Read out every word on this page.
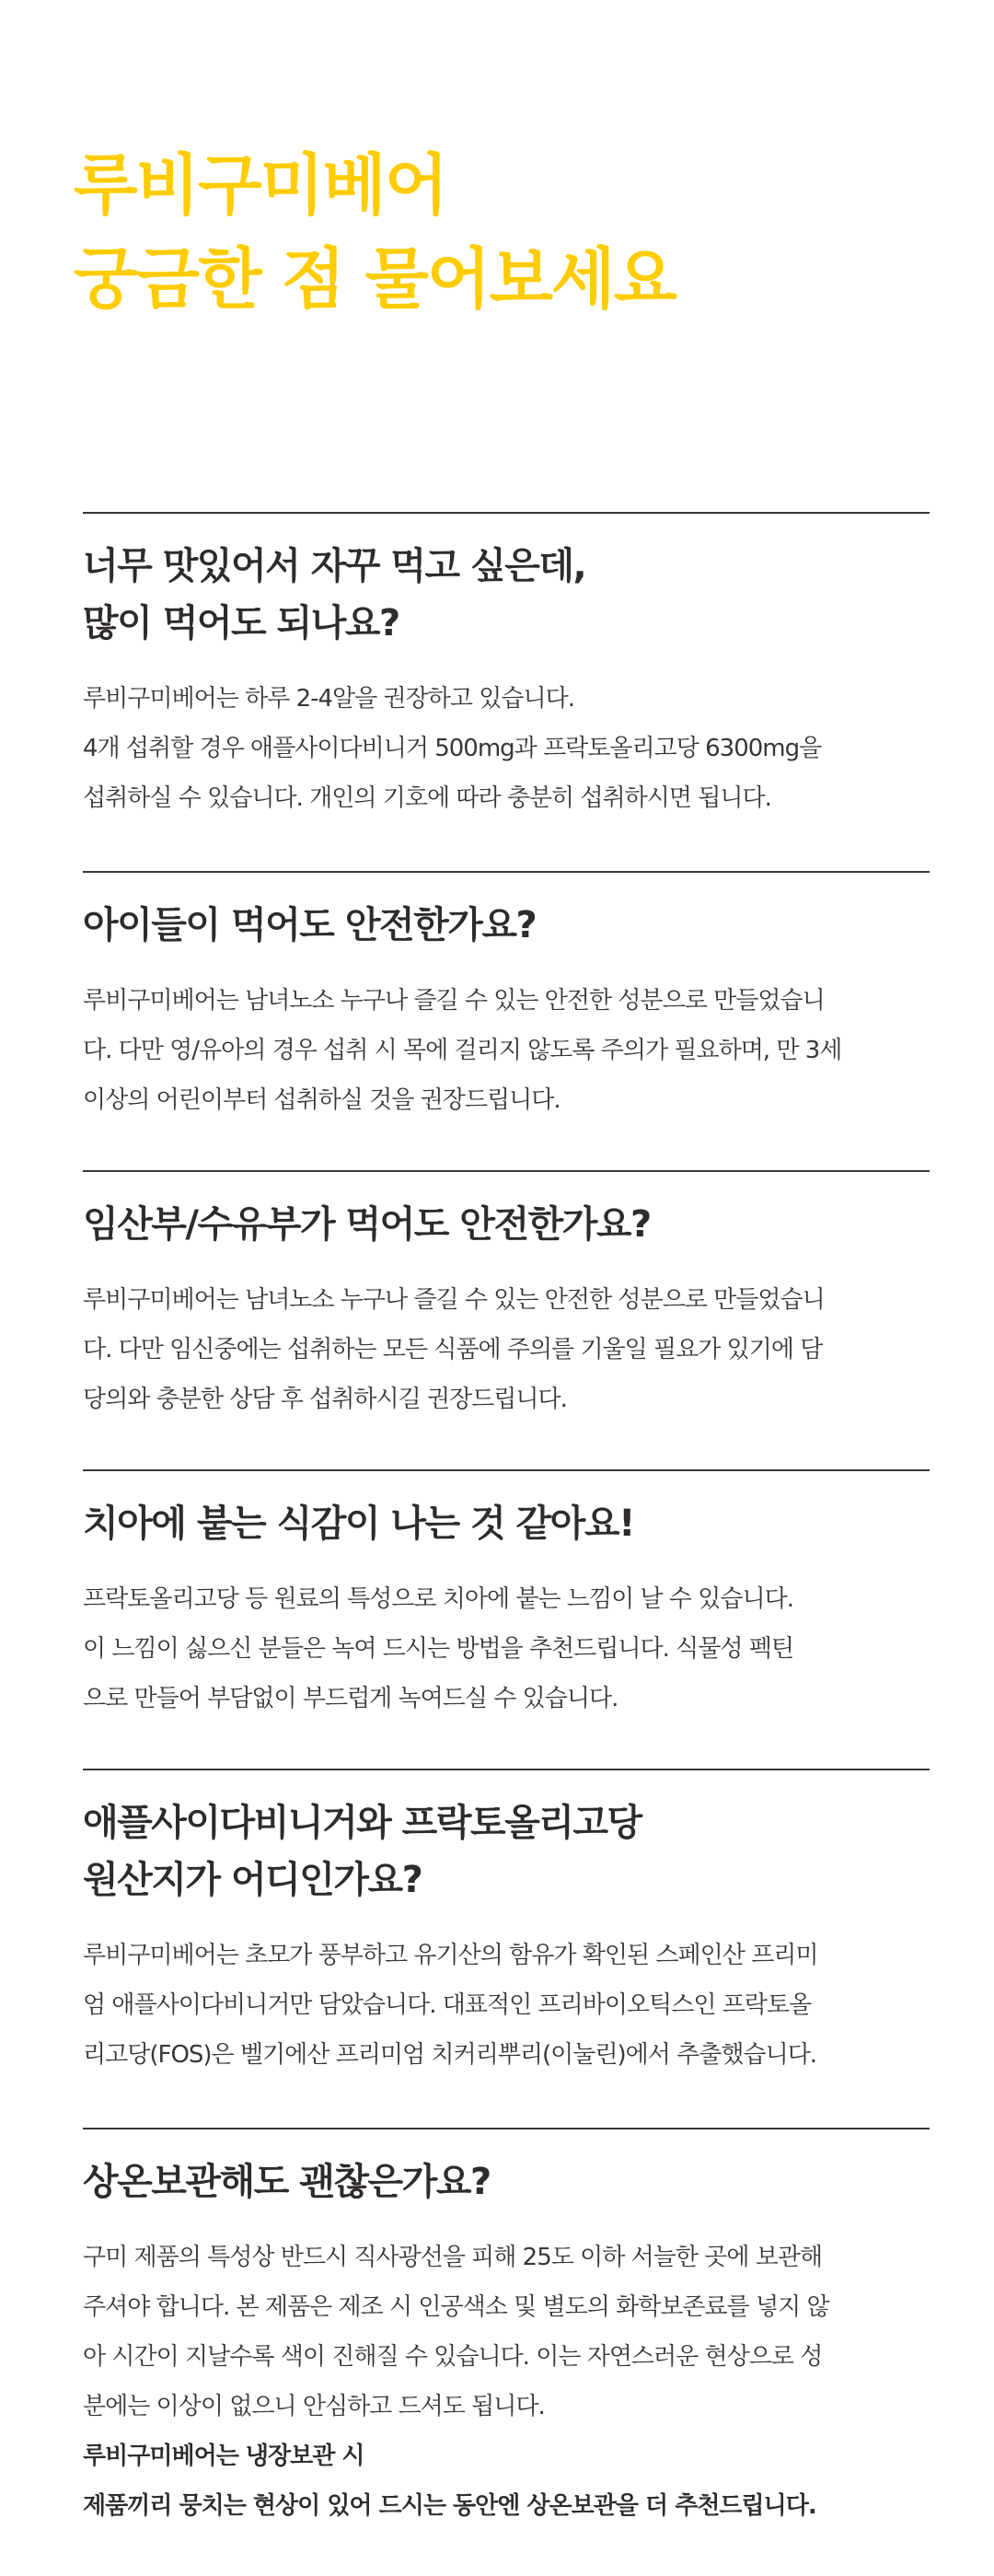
루비구미베어
궁금한 점 물어보세요
너무 맛있어서 자꾸 먹고 싶은데,
많이 먹어도 되나요?
루비구미베어는 하루 2-4알을 권장하고 있습니다.
4개 섭취할 경우 애플사이다비니거 500mg과 프락토올리고당 6300mg을
섭취하실 수 있습니다. 개인의 기호에 따라 충분히 섭취하시면 됩니다.
아이들이 먹어도 안전한가요?
루비구미베어는 남녀노소 누구나 즐길 수 있는 안전한 성분으로 만들었습니
다. 다만 영/유아의 경우 섭취 시 목에 걸리지 않도록 주의가 필요하며, 만 3세
이상의 어린이부터 섭취하실 것을 권장드립니다.
임산부/수유부가 먹어도 안전한가요?
루비구미베어는 남녀노소 누구나 즐길 수 있는 안전한 성분으로 만들었습니
다. 다만 임신중에는 섭취하는 모든 식품에 주의를 기울일 필요가 있기에 담
당의와 충분한 상담 후 섭취하시길 권장드립니다.
치아에 붙는 식감이 나는 것 같아요!
프락토올리고당 등 원료의 특성으로 치아에 붙는 느낌이 날 수 있습니다.
이 느낌이 싫으신 분들은 녹여 드시는 방법을 추천드립니다. 식물성 펙틴
으로 만들어 부담없이 부드럽게 녹여드실 수 있습니다.
애플사이다비니거와 프락토올리고당
원산지가 어디인가요?
루비구미베어는 초모가 풍부하고 유기산의 함유가 확인된 스페인산 프리미
엄 애플사이다비니거만 담았습니다. 대표적인 프리바이오틱스인 프락토올
리고당(FOS)은 벨기에산 프리미엄 치커리뿌리(이눌린)에서 추출했습니다.
상온보관해도 괜찮은가요?
구미 제품의 특성상 반드시 직사광선을 피해 25도 이하 서늘한 곳에 보관해
주셔야 합니다. 본 제품은 제조 시 인공색소 및 별도의 화학보존료를 넣지 않
아 시간이 지날수록 색이 진해질 수 있습니다. 이는 자연스러운 현상으로 성
분에는 이상이 없으니 안심하고 드셔도 됩니다.
루비구미베어는 냉장보관 시
제품끼리 뭉치는 현상이 있어 드시는 동안엔 상온보관을 더 추천드립니다.
